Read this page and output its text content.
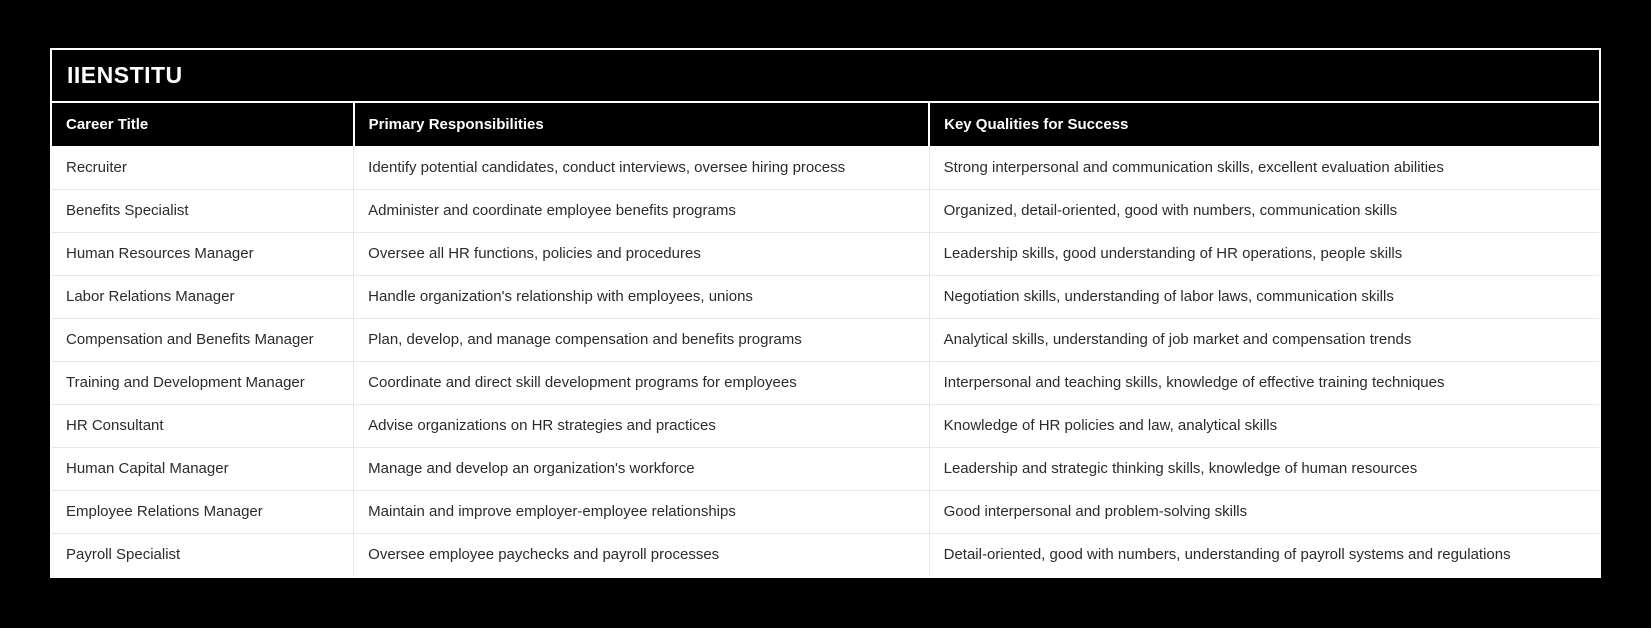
IIENSTITU
Career Title	Primary Responsibilities	Key Qualities for Success
Recruiter	Identify potential candidates, conduct interviews, oversee hiring process	Strong interpersonal and communication skills, excellent evaluation abilities
Benefits Specialist	Administer and coordinate employee benefits programs	Organized, detail-oriented, good with numbers, communication skills
Human Resources Manager	Oversee all HR functions, policies and procedures	Leadership skills, good understanding of HR operations, people skills
Labor Relations Manager	Handle organization's relationship with employees, unions	Negotiation skills, understanding of labor laws, communication skills
Compensation and Benefits Manager	Plan, develop, and manage compensation and benefits programs	Analytical skills, understanding of job market and compensation trends
Training and Development Manager	Coordinate and direct skill development programs for employees	Interpersonal and teaching skills, knowledge of effective training techniques
HR Consultant	Advise organizations on HR strategies and practices	Knowledge of HR policies and law, analytical skills
Human Capital Manager	Manage and develop an organization's workforce	Leadership and strategic thinking skills, knowledge of human resources
Employee Relations Manager	Maintain and improve employer-employee relationships	Good interpersonal and problem-solving skills
Payroll Specialist	Oversee employee paychecks and payroll processes	Detail-oriented, good with numbers, understanding of payroll systems and regulations
